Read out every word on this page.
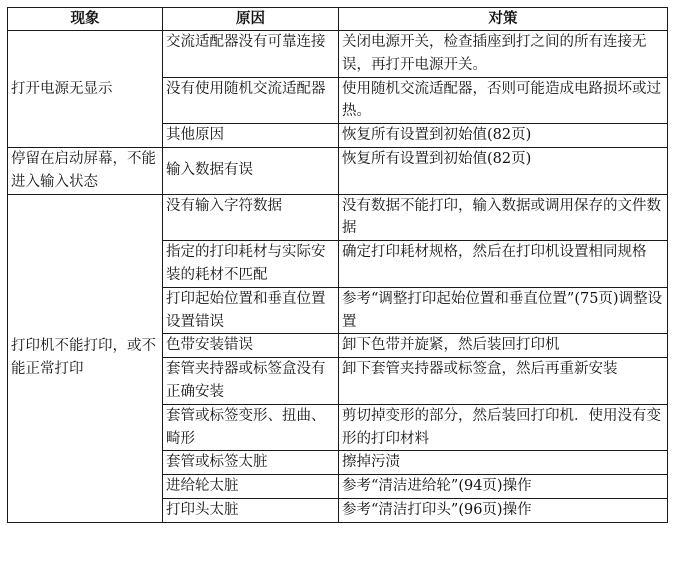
现象	原因	对策
打开电源无显示	交流适配器没有可靠连接	关闭电源开关，检查插座到打之间的所有连接无误，再打开电源开关。
	没有使用随机交流适配器	使用随机交流适配器，否则可能造成电路损坏或过热。
	其他原因	恢复所有设置到初始值(82页)
停留在启动屏幕，不能进入输入状态	输入数据有误	恢复所有设置到初始值(82页)
打印机不能打印，或不能正常打印	没有输入字符数据	没有数据不能打印，输入数据或调用保存的文件数据
	指定的打印耗材与实际安装的耗材不匹配	确定打印耗材规格，然后在打印机设置相同规格
	打印起始位置和垂直位置设置错误	参考“调整打印起始位置和垂直位置”(75页)调整设置
	色带安装错误	卸下色带并旋紧，然后装回打印机
	套管夹持器或标签盒没有正确安装	卸下套管夹持器或标签盒，然后再重新安装
	套管或标签变形、扭曲、畸形	剪切掉变形的部分，然后装回打印机．使用没有变形的打印材料
	套管或标签太脏	擦掉污渍
	进给轮太脏	参考“清洁进给轮”(94页)操作
	打印头太脏	参考“清洁打印头”(96页)操作
